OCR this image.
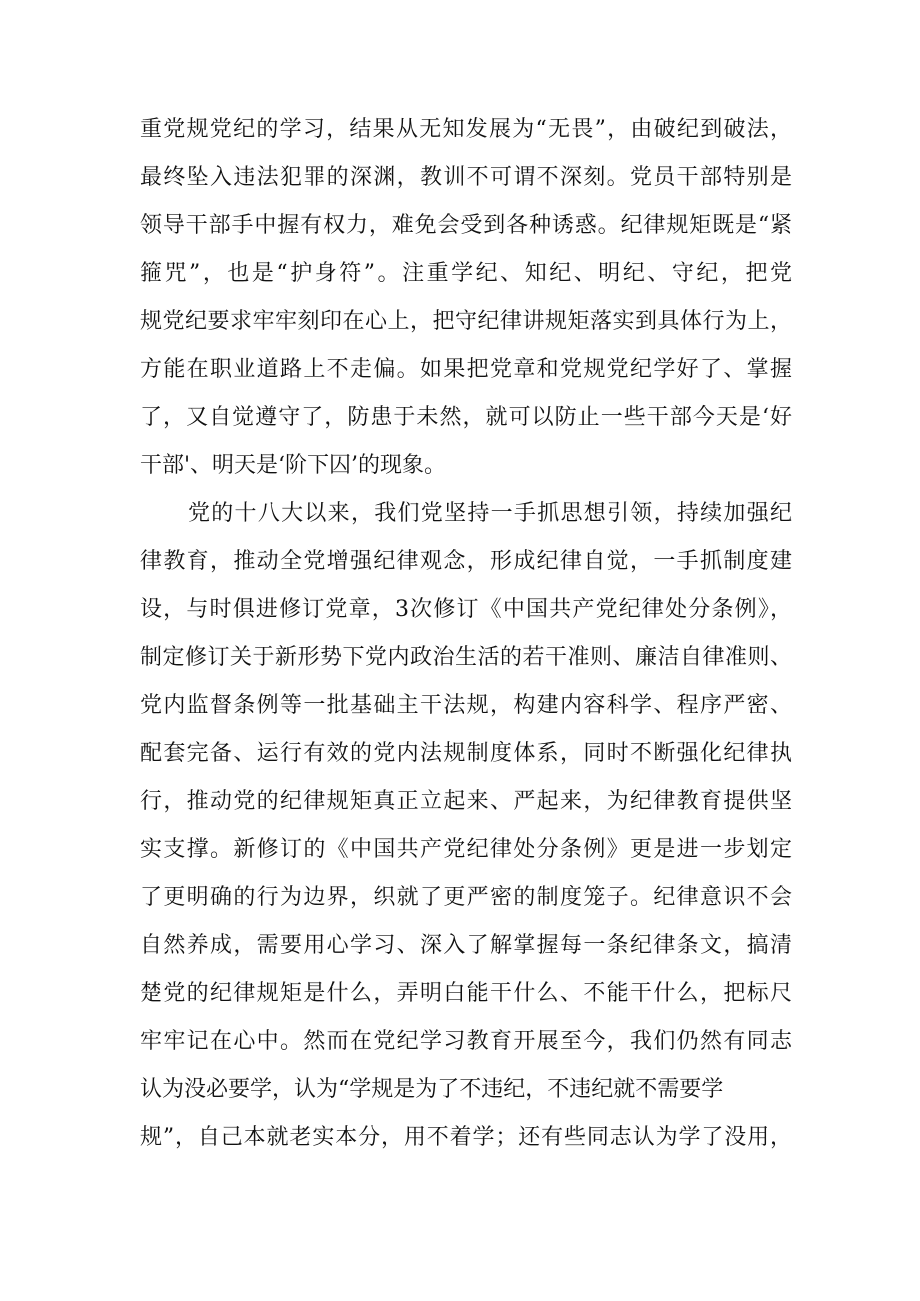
重党规党纪的学习，结果从无知发展为“无畏”，由破纪到破法，
最终坠入违法犯罪的深渊，教训不可谓不深刻。党员干部特别是
领导干部手中握有权力，难免会受到各种诱惑。纪律规矩既是“紧
箍咒”，也是“护身符”。注重学纪、知纪、明纪、守纪，把党
规党纪要求牢牢刻印在心上，把守纪律讲规矩落实到具体行为上，
方能在职业道路上不走偏。如果把党章和党规党纪学好了、掌握
了，又自觉遵守了，防患于未然，就可以防止一些干部今天是‘好
干部'、明天是‘阶下囚’的现象。
党的十八大以来，我们党坚持一手抓思想引领，持续加强纪
律教育，推动全党增强纪律观念，形成纪律自觉，一手抓制度建
设，与时俱进修订党章，3次修订《中国共产党纪律处分条例》，
制定修订关于新形势下党内政治生活的若干准则、廉洁自律准则、
党内监督条例等一批基础主干法规，构建内容科学、程序严密、
配套完备、运行有效的党内法规制度体系，同时不断强化纪律执
行，推动党的纪律规矩真正立起来、严起来，为纪律教育提供坚
实支撑。新修订的《中国共产党纪律处分条例》更是进一步划定
了更明确的行为边界，织就了更严密的制度笼子。纪律意识不会
自然养成，需要用心学习、深入了解掌握每一条纪律条文，搞清
楚党的纪律规矩是什么，弄明白能干什么、不能干什么，把标尺
牢牢记在心中。然而在党纪学习教育开展至今，我们仍然有同志
认为没必要学，认为“学规是为了不违纪，不违纪就不需要学
规”，自己本就老实本分，用不着学；还有些同志认为学了没用，
